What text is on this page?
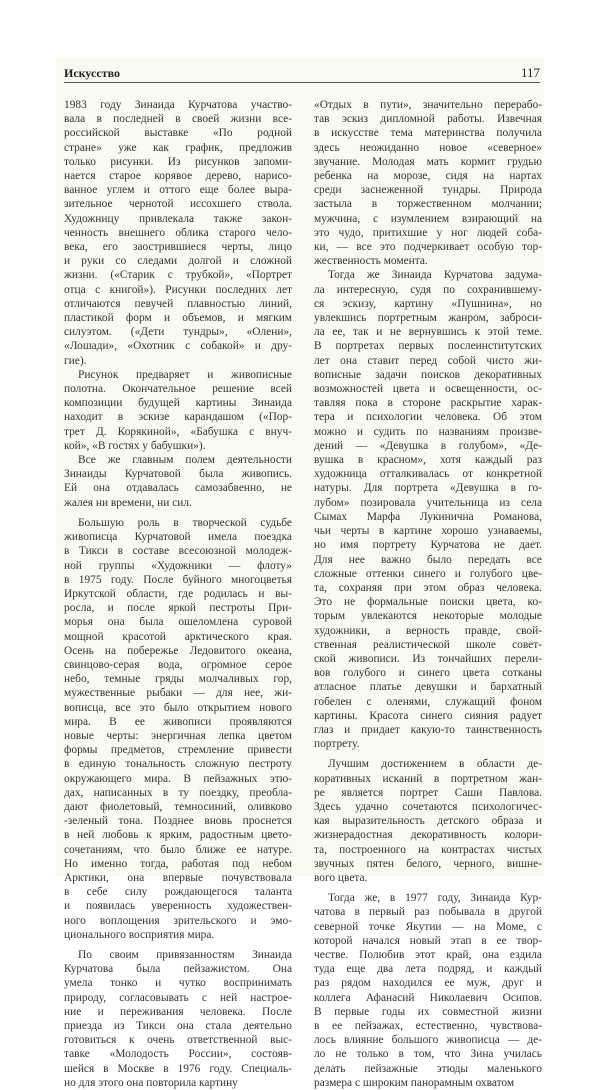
Искусство	117

1983 году Зинаида Курчатова участво-
вала в последней в своей жизни все-
российской выставке «По родной
стране» уже как график, предложив
только рисунки. Из рисунков запоми-
нается старое корявое дерево, нарисо-
ванное углем и оттого еще более выра-
зительное чернотой иссохшего ствола.
Художницу привлекала также закон-
ченность внешнего облика старого чело-
века, его заострившиеся черты, лицо
и руки со следами долгой и сложной
жизни. («Старик с трубкой», «Портрет
отца с книгой»). Рисунки последних лет
отличаются певучей плавностью линий,
пластикой форм и объемов, и мягким
силуэтом. («Дети тундры», «Олени»,
«Лошади», «Охотник с собакой» и дру-
гие).

Рисунок предваряет и живописные
полотна. Окончательное решение всей
композиции будущей картины Зинаида
находит в эскизе карандашом («Пор-
трет Д. Корякиной», «Бабушка с внуч-
кой», «В гостях у бабушки»).

Все же главным полем деятельности
Зинаиды Курчатовой была живопись.
Ей она отдавалась самозабвенно, не
жалея ни времени, ни сил.

Большую роль в творческой судьбе
живописца Курчатовой имела поездка
в Тикси в составе всесоюзной молодеж-
ной группы «Художники — флоту»
в 1975 году. После буйного многоцветья
Иркутской области, где родилась и вы-
росла, и после яркой пестроты При-
морья она была ошеломлена суровой
мощной красотой арктического края.
Осень на побережье Ледовитого океана,
свинцово-серая вода, огромное серое
небо, темные гряды молчаливых гор,
мужественные рыбаки — для нее, жи-
вописца, все это было открытием нового
мира. В ее живописи проявляются
новые черты: энергичная лепка цветом
формы предметов, стремление привести
в единую тональность сложную пестроту
окружающего мира. В пейзажных этю-
дах, написанных в ту поездку, преобла-
дают фиолетовый, темносиний, оливково
-зеленый тона. Позднее вновь проснется
в ней любовь к ярким, радостным цвето-
сочетаниям, что было ближе ее натуре.
Но именно тогда, работая под небом
Арктики, она впервые почувствовала
в себе силу рождающегося таланта
и появилась уверенность художествен-
ного воплощения зрительского и эмо-
ционального восприятия мира.

По своим привязанностям Зинаида
Курчатова была пейзажистом. Она
умела тонко и чутко воспринимать
природу, согласовывать с ней настрое-
ние и переживания человека. После
приезда из Тикси она стала деятельно
готовиться к очень ответственной выс-
тавке «Молодость России», состояв-
шейся в Москве в 1976 году. Специаль-
но для этого она повторила картину

«Отдых в пути», значительно перерабо-
тав эскиз дипломной работы. Извечная
в искусстве тема материнства получила
здесь неожиданно новое «северное»
звучание. Молодая мать кормит грудью
ребенка на морозе, сидя на нартах
среди заснеженной тундры. Природа
застыла в торжественном молчании;
мужчина, с изумлением взирающий на
это чудо, притихшие у ног людей соба-
ки, — все это подчеркивает особую тор-
жественность момента.

Тогда же Зинаида Курчатова задума-
ла интересную, судя по сохранившему-
ся эскизу, картину «Пушнина», но
увлекшись портретным жанром, заброси-
ла ее, так и не вернувшись к этой теме.
В портретах первых послеинститутских
лет она ставит перед собой чисто жи-
вописные задачи поисков декоративных
возможностей цвета и освещенности, ос-
тавляя пока в стороне раскрытие харак-
тера и психологии человека. Об этом
можно и судить по названиям произве-
дений — «Девушка в голубом», «Де-
вушка в красном», хотя каждый раз
художница отталкивалась от конкретной
натуры. Для портрета «Девушка в го-
лубом» позировала учительница из села
Сымах Марфа Лукинична Романова,
чьи черты в картине хорошо узнаваемы,
но имя портрету Курчатова не дает.
Для нее важно было передать все
сложные оттенки синего и голубого цве-
та, сохраняя при этом образ человека.
Это не формальные поиски цвета, ко-
торым увлекаются некоторые молодые
художники, а верность правде, свой-
ственная реалистической школе совет-
ской живописи. Из тончайших перели-
вов голубого и синего цвета сотканы
атласное платье девушки и бархатный
гобелен с оленями, служащий фоном
картины. Красота синего сияния радует
глаз и придает какую-то таинственность
портрету.

Лучшим достижением в области де-
коративных исканий в портретном жан-
ре является портрет Саши Павлова.
Здесь удачно сочетаются психологичес-
кая выразительность детского образа и
жизнерадостная декоративность колори-
та, построенного на контрастах чистых
звучных пятен белого, черного, вишне-
вого цвета.

Тогда же, в 1977 году, Зинаида Кур-
чатова в первый раз побывала в другой
северной точке Якутии — на Моме, с
которой начался новый этап в ее твор-
честве. Полюбив этот край, она ездила
туда еще два лета подряд, и каждый
раз рядом находился ее муж, друг и
коллега Афанасий Николаевич Осипов.
В первые годы их совместной жизни
в ее пейзажах, естественно, чувствова-
лось влияние большого живописца — де-
ло не только в том, что Зина училась
делать пейзажные этюды маленького
размера с широким панорамным охватом
